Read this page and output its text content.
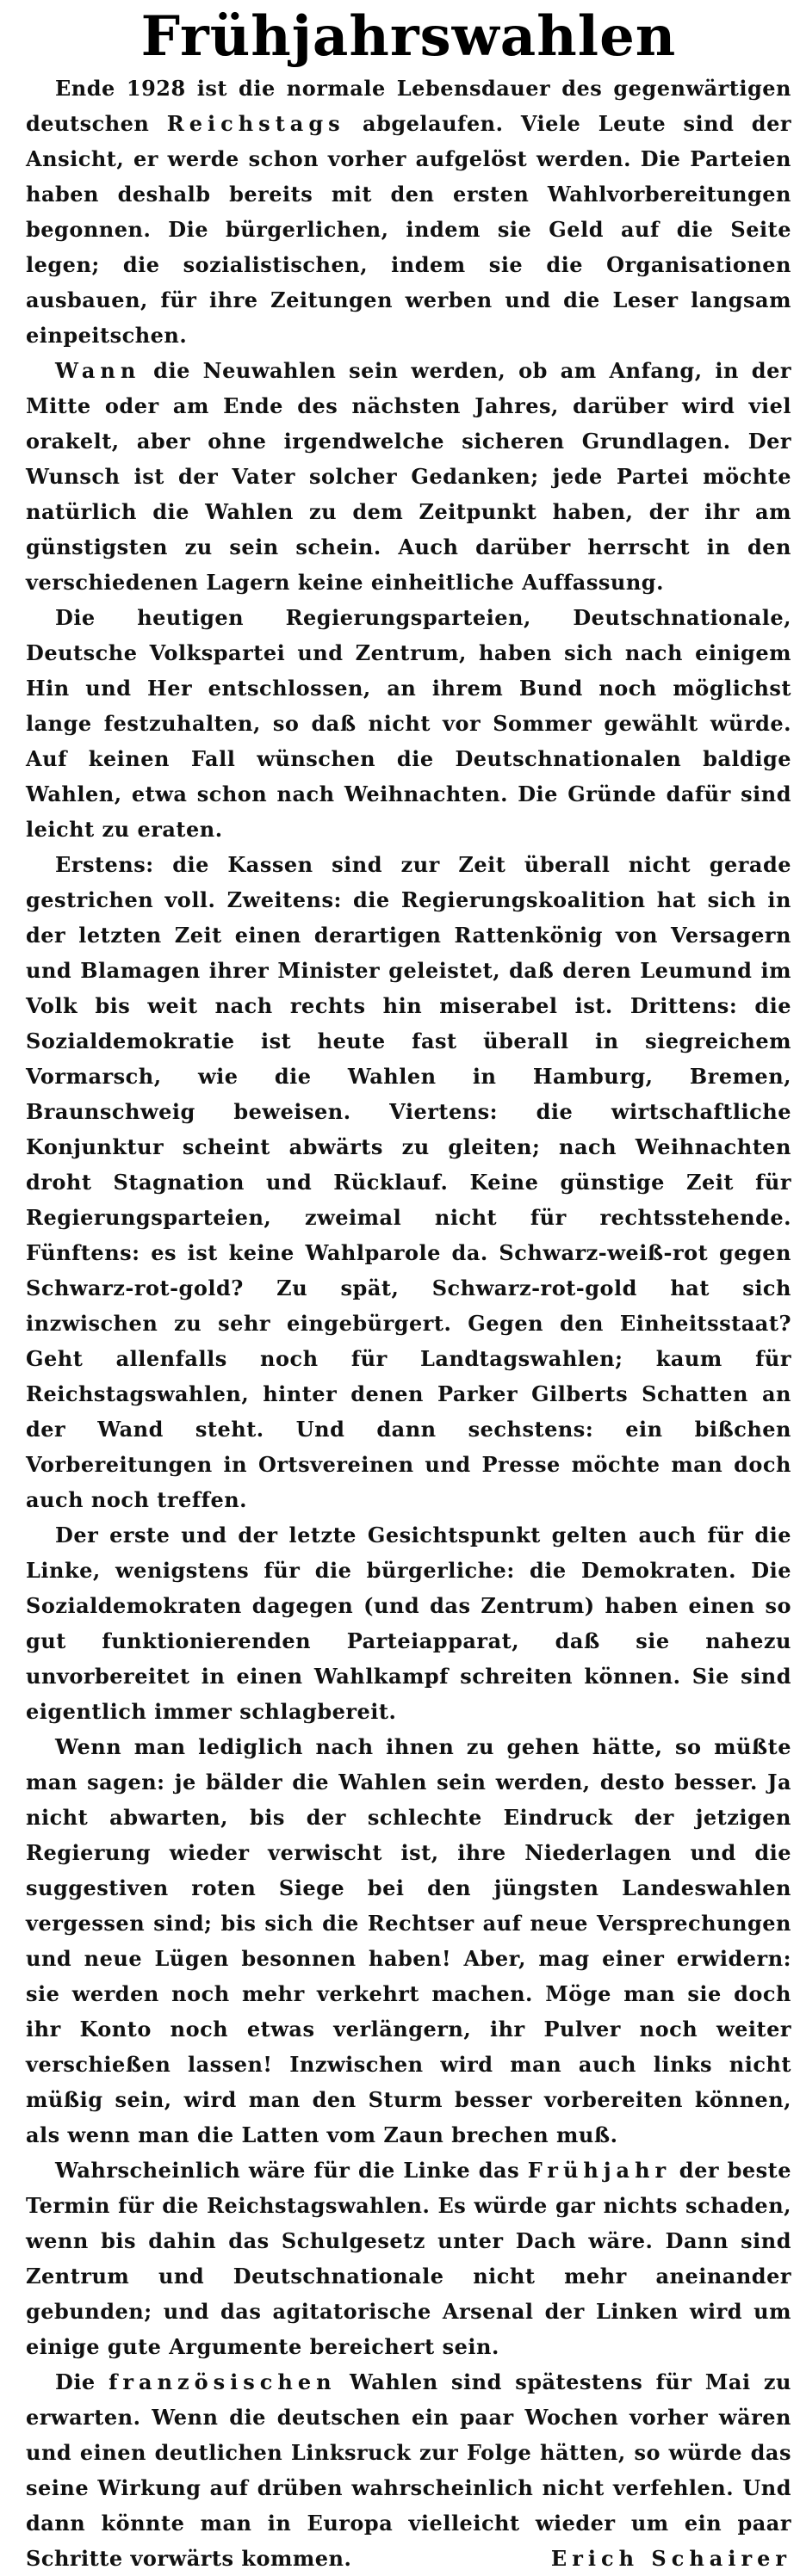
Frühjahrswahlen

Ende 1928 ist die normale Lebensdauer des gegenwärtigen deutschen Reichstags abgelaufen. Viele Leute sind der Ansicht, er werde schon vorher aufgelöst werden. Die Parteien haben deshalb bereits mit den ersten Wahlvorbereitungen begonnen. Die bürgerlichen, indem sie Geld auf die Seite legen; die sozialistischen, indem sie die Organisationen ausbauen, für ihre Zeitungen werben und die Leser langsam einpeitschen.

Wann die Neuwahlen sein werden, ob am Anfang, in der Mitte oder am Ende des nächsten Jahres, darüber wird viel orakelt, aber ohne irgendwelche sicheren Grundlagen. Der Wunsch ist der Vater solcher Gedanken; jede Partei möchte natürlich die Wahlen zu dem Zeitpunkt haben, der ihr am günstigsten zu sein schein. Auch darüber herrscht in den verschiedenen Lagern keine einheitliche Auffassung.

Die heutigen Regierungsparteien, Deutschnationale, Deutsche Volkspartei und Zentrum, haben sich nach einigem Hin und Her entschlossen, an ihrem Bund noch möglichst lange festzuhalten, so daß nicht vor Sommer gewählt würde. Auf keinen Fall wünschen die Deutschnationalen baldige Wahlen, etwa schon nach Weihnachten. Die Gründe dafür sind leicht zu eraten.

Erstens: die Kassen sind zur Zeit überall nicht gerade gestrichen voll. Zweitens: die Regierungskoalition hat sich in der letzten Zeit einen derartigen Rattenkönig von Versagern und Blamagen ihrer Minister geleistet, daß deren Leumund im Volk bis weit nach rechts hin miserabel ist. Drittens: die Sozialdemokratie ist heute fast überall in siegreichem Vormarsch, wie die Wahlen in Hamburg, Bremen, Braunschweig beweisen. Viertens: die wirtschaftliche Konjunktur scheint abwärts zu gleiten; nach Weihnachten droht Stagnation und Rücklauf. Keine günstige Zeit für Regierungsparteien, zweimal nicht für rechtsstehende. Fünftens: es ist keine Wahlparole da. Schwarz-weiß-rot gegen Schwarz-rot-gold? Zu spät, Schwarz-rot-gold hat sich inzwischen zu sehr eingebürgert. Gegen den Einheitsstaat? Geht allenfalls noch für Landtagswahlen; kaum für Reichstagswahlen, hinter denen Parker Gilberts Schatten an der Wand steht. Und dann sechstens: ein bißchen Vorbereitungen in Ortsvereinen und Presse möchte man doch auch noch treffen.

Der erste und der letzte Gesichtspunkt gelten auch für die Linke, wenigstens für die bürgerliche: die Demokraten. Die Sozialdemokraten dagegen (und das Zentrum) haben einen so gut funktionierenden Parteiapparat, daß sie nahezu unvorbereitet in einen Wahlkampf schreiten können. Sie sind eigentlich immer schlagbereit.

Wenn man lediglich nach ihnen zu gehen hätte, so müßte man sagen: je bälder die Wahlen sein werden, desto besser. Ja nicht abwarten, bis der schlechte Eindruck der jetzigen Regierung wieder verwischt ist, ihre Niederlagen und die suggestiven roten Siege bei den jüngsten Landeswahlen vergessen sind; bis sich die Rechtser auf neue Versprechungen und neue Lügen besonnen haben! Aber, mag einer erwidern: sie werden noch mehr verkehrt machen. Möge man sie doch ihr Konto noch etwas verlängern, ihr Pulver noch weiter verschießen lassen! Inzwischen wird man auch links nicht müßig sein, wird man den Sturm besser vorbereiten können, als wenn man die Latten vom Zaun brechen muß.

Wahrscheinlich wäre für die Linke das Frühjahr der beste Termin für die Reichstagswahlen. Es würde gar nichts schaden, wenn bis dahin das Schulgesetz unter Dach wäre. Dann sind Zentrum und Deutschnationale nicht mehr aneinander gebunden; und das agitatorische Arsenal der Linken wird um einige gute Argumente bereichert sein.

Die französischen Wahlen sind spätestens für Mai zu erwarten. Wenn die deutschen ein paar Wochen vorher wären und einen deutlichen Linksruck zur Folge hätten, so würde das seine Wirkung auf drüben wahrscheinlich nicht verfehlen. Und dann könnte man in Europa vielleicht wieder um ein paar Schritte vorwärts kommen.	Erich Schairer
